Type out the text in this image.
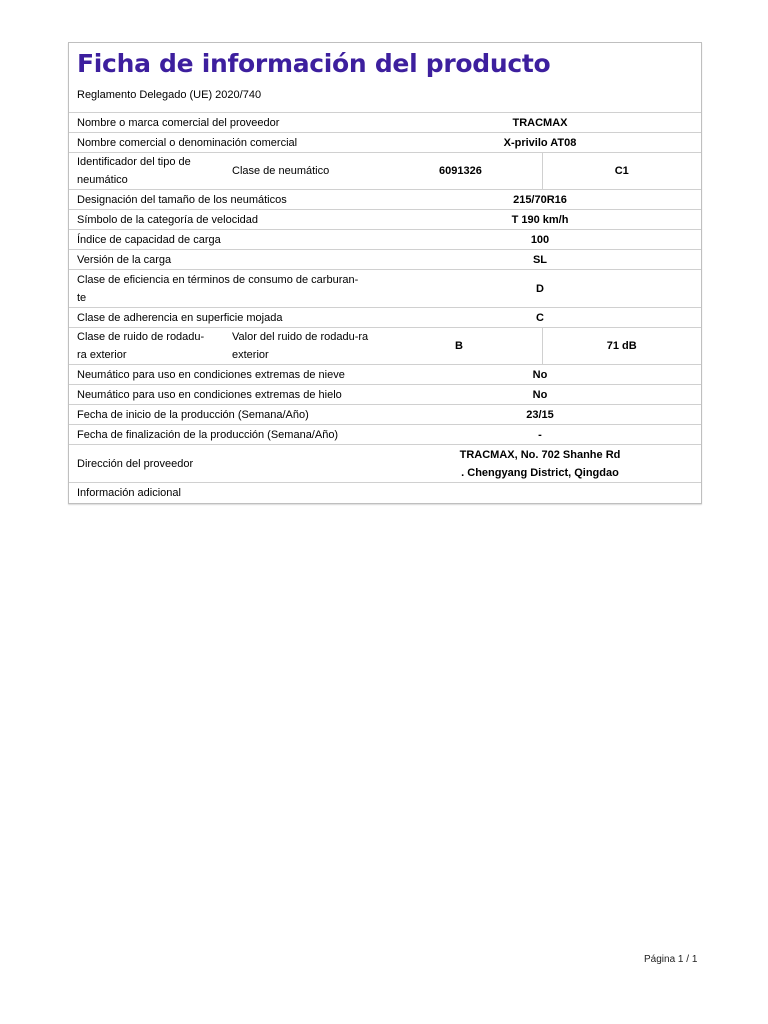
Ficha de información del producto
Reglamento Delegado (UE) 2020/740
Nombre o marca comercial del proveedor		TRACMAX	
Nombre comercial o denominación comercial		X-privilo AT08	
Identificador del tipo de neumático	Clase de neumático	6091326	C1
Designación del tamaño de los neumáticos		215/70R16	
Símbolo de la categoría de velocidad		T 190 km/h	
Índice de capacidad de carga		100	
Versión de la carga		SL	
Clase de eficiencia en términos de consumo de carburan-te		D	
Clase de adherencia en superficie mojada		C	
Clase de ruido de rodadu-ra exterior	Valor del ruido de rodadu-ra exterior	B	71 dB
Neumático para uso en condiciones extremas de nieve		No	
Neumático para uso en condiciones extremas de hielo		No	
Fecha de inicio de la producción (Semana/Año)		23/15	
Fecha de finalización de la producción (Semana/Año)		-	
Dirección del proveedor		TRACMAX, No. 702 Shanhe Rd
. Chengyang District, Qingdao	

Información adicional			
Página 1 / 1
